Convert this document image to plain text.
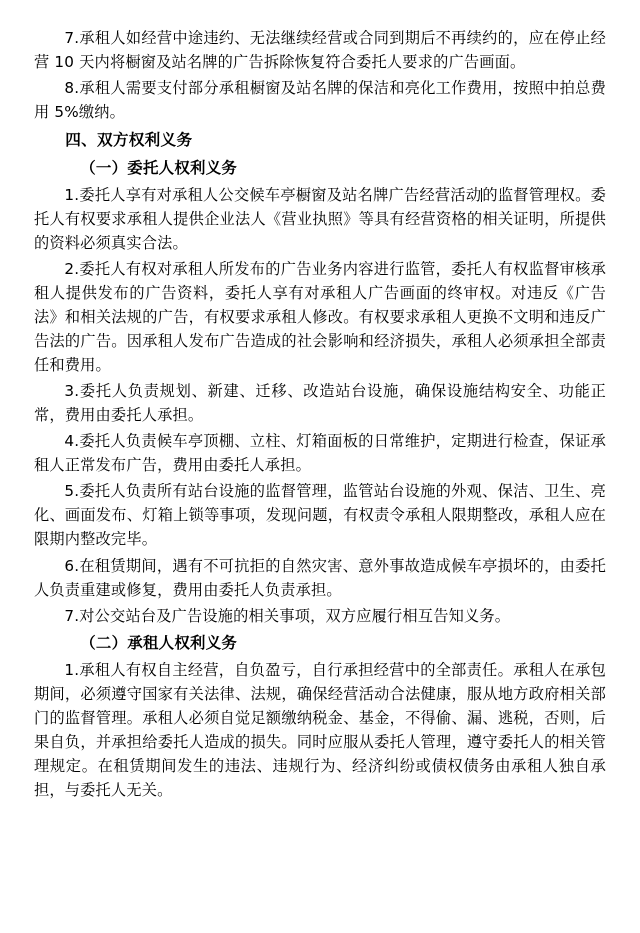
7.承租人如经营中途违约、无法继续经营或合同到期后不再续约的，应在停止经营 10 天内将橱窗及站名牌的广告拆除恢复符合委托人要求的广告画面。

8.承租人需要支付部分承租橱窗及站名牌的保洁和亮化工作费用，按照中拍总费用 5%缴纳。

四、双方权利义务

（一）委托人权利义务

1.委托人享有对承租人公交候车亭橱窗及站名牌广告经营活动的监督管理权。委托人有权要求承租人提供企业法人《营业执照》等具有经营资格的相关证明，所提供的资料必须真实合法。

2.委托人有权对承租人所发布的广告业务内容进行监管，委托人有权监督审核承租人提供发布的广告资料，委托人享有对承租人广告画面的终审权。对违反《广告法》和相关法规的广告，有权要求承租人修改。有权要求承租人更换不文明和违反广告法的广告。因承租人发布广告造成的社会影响和经济损失，承租人必须承担全部责任和费用。

3.委托人负责规划、新建、迁移、改造站台设施，确保设施结构安全、功能正常，费用由委托人承担。

4.委托人负责候车亭顶棚、立柱、灯箱面板的日常维护，定期进行检查，保证承租人正常发布广告，费用由委托人承担。

5.委托人负责所有站台设施的监督管理，监管站台设施的外观、保洁、卫生、亮化、画面发布、灯箱上锁等事项，发现问题，有权责令承租人限期整改，承租人应在限期内整改完毕。

6.在租赁期间，遇有不可抗拒的自然灾害、意外事故造成候车亭损坏的，由委托人负责重建或修复，费用由委托人负责承担。

7.对公交站台及广告设施的相关事项，双方应履行相互告知义务。

（二）承租人权利义务

1.承租人有权自主经营，自负盈亏，自行承担经营中的全部责任。承租人在承包期间，必须遵守国家有关法律、法规，确保经营活动合法健康，服从地方政府相关部门的监督管理。承租人必须自觉足额缴纳税金、基金，不得偷、漏、逃税，否则，后果自负，并承担给委托人造成的损失。同时应服从委托人管理，遵守委托人的相关管理规定。在租赁期间发生的违法、违规行为、经济纠纷或债权债务由承租人独自承担，与委托人无关。
